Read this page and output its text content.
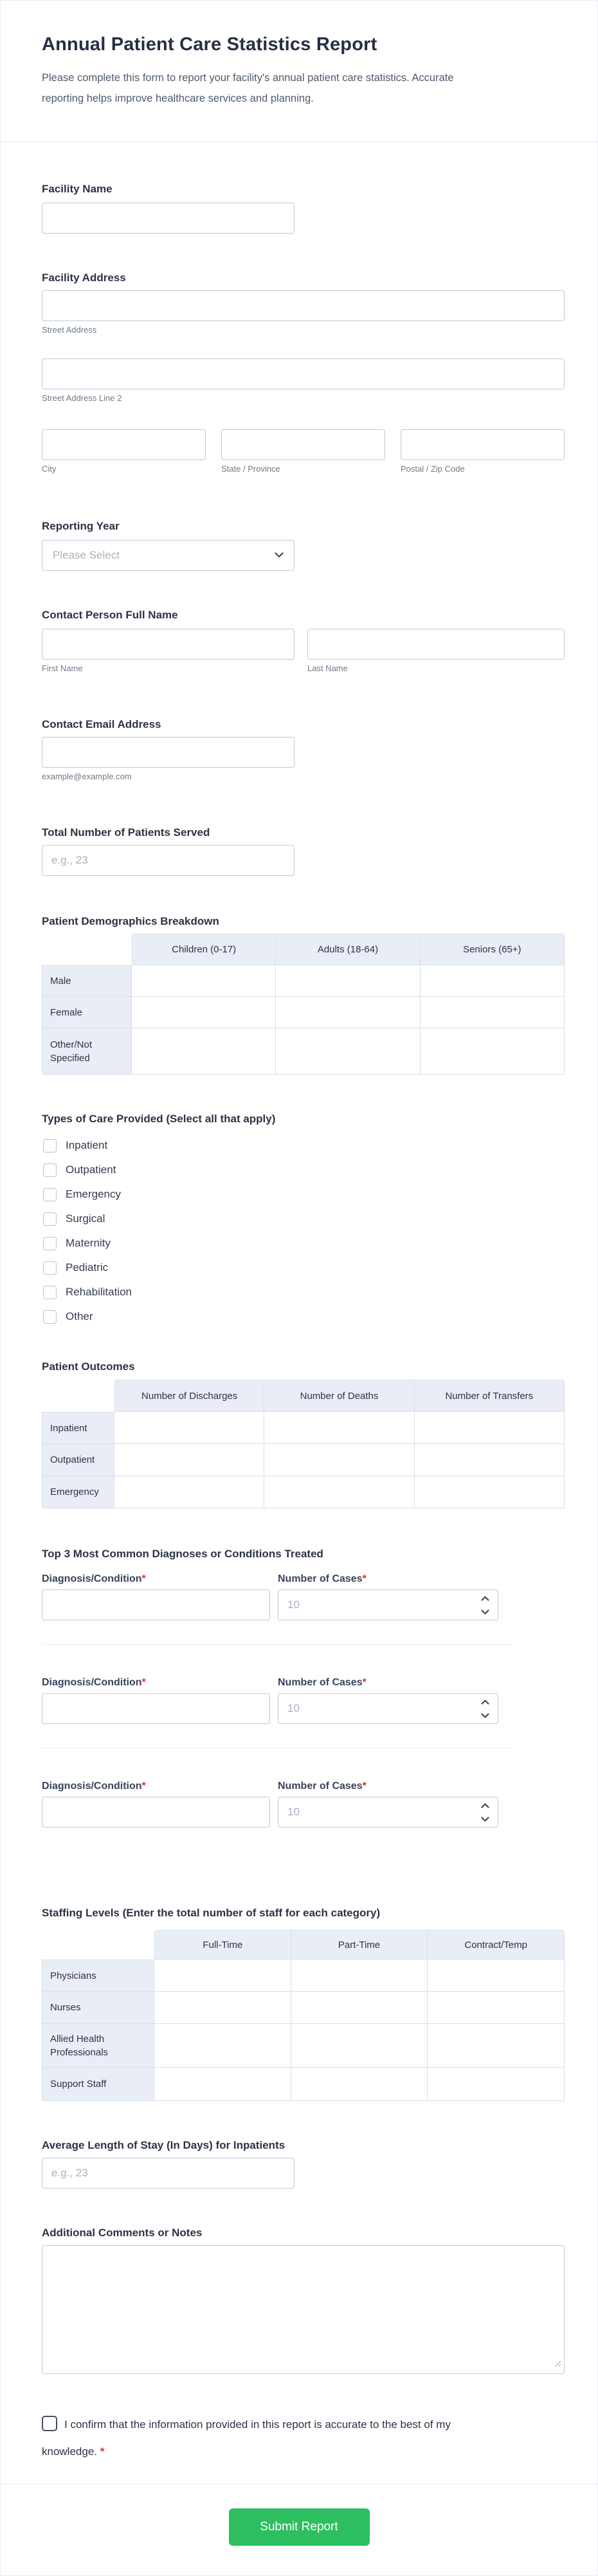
Annual Patient Care Statistics Report

Please complete this form to report your facility's annual patient care statistics. Accurate reporting helps improve healthcare services and planning.

Facility Name
Facility Address
Street Address
Street Address Line 2
City	State / Province	Postal / Zip Code
Reporting Year
Please Select
Contact Person Full Name
First Name	Last Name
Contact Email Address
example@example.com
Total Number of Patients Served
e.g., 23
Patient Demographics Breakdown
Children (0-17)	Adults (18-64)	Seniors (65+)
Male
Female
Other/Not Specified
Types of Care Provided (Select all that apply)
Inpatient
Outpatient
Emergency
Surgical
Maternity
Pediatric
Rehabilitation
Other
Patient Outcomes
Number of Discharges	Number of Deaths	Number of Transfers
Inpatient
Outpatient
Emergency
Top 3 Most Common Diagnoses or Conditions Treated
Diagnosis/Condition*	Number of Cases*
10
Diagnosis/Condition*	Number of Cases*
10
Diagnosis/Condition*	Number of Cases*
10
Staffing Levels (Enter the total number of staff for each category)
Full-Time	Part-Time	Contract/Temp
Physicians
Nurses
Allied Health Professionals
Support Staff
Average Length of Stay (In Days) for Inpatients
e.g., 23
Additional Comments or Notes
I confirm that the information provided in this report is accurate to the best of my knowledge. *
Submit Report
